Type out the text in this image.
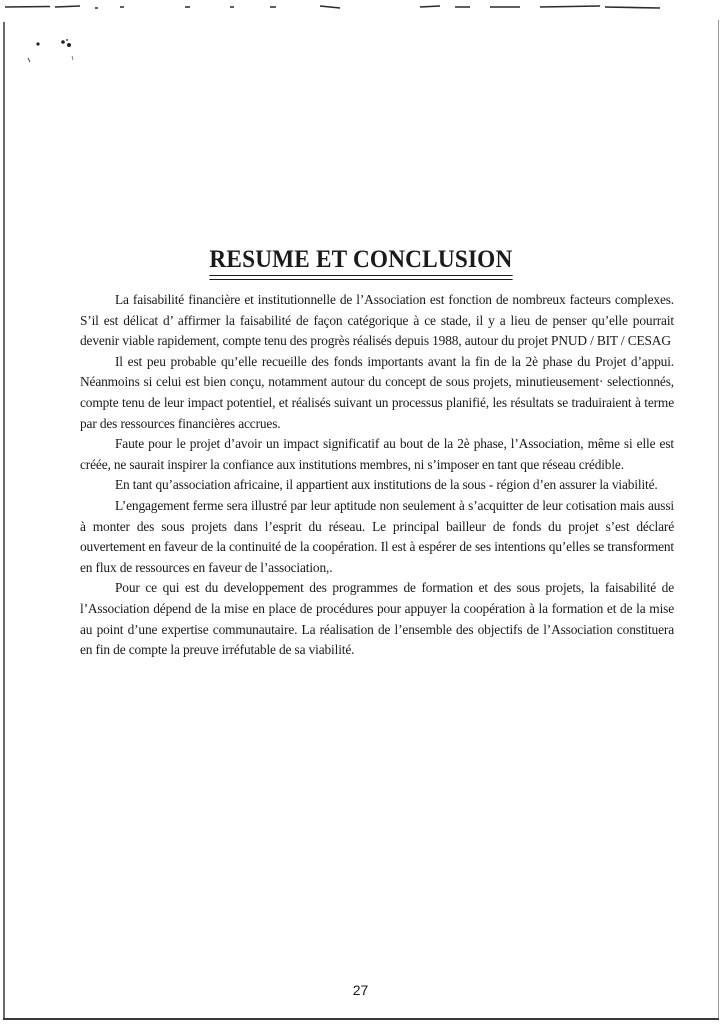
RESUME ET CONCLUSION

La faisabilité financière et institutionnelle de l’Association est fonction de nombreux facteurs complexes. S’il est délicat d’ affirmer la faisabilité de façon catégorique à ce stade, il y a lieu de penser qu’elle pourrait devenir viable rapidement, compte tenu des progrès réalisés depuis 1988, autour du projet PNUD / BIT / CESAG

Il est peu probable qu’elle recueille des fonds importants avant la fin de la 2è phase du Projet d’appui. Néanmoins si celui est bien conçu, notamment autour du concept de sous projets, minutieusement· selectionnés, compte tenu de leur impact potentiel, et réalisés suivant un processus planifié, les résultats se traduiraient à terme par des ressources financières accrues.

Faute pour le projet d’avoir un impact significatif au bout de la 2è phase, l’Association, même si elle est créée, ne saurait inspirer la confiance aux institutions membres, ni s’imposer en tant que réseau crédible.

En tant qu’association africaine, il appartient aux institutions de la sous - région d’en assurer la viabilité.

L’engagement ferme sera illustré par leur aptitude non seulement à s’acquitter de leur cotisation mais aussi à monter des sous projets dans l’esprit du réseau. Le principal bailleur de fonds du projet s’est déclaré ouvertement en faveur de la continuité de la coopération. Il est à espérer de ses intentions qu’elles se transforment en flux de ressources en faveur de l’association,.

Pour ce qui est du developpement des programmes de formation et des sous projets, la faisabilité de l’Association dépend de la mise en place de procédures pour appuyer la coopération à la formation et de la mise au point d’une expertise communautaire. La réalisation de l’ensemble des objectifs de l’Association constituera en fin de compte la preuve irréfutable de sa viabilité.

27
